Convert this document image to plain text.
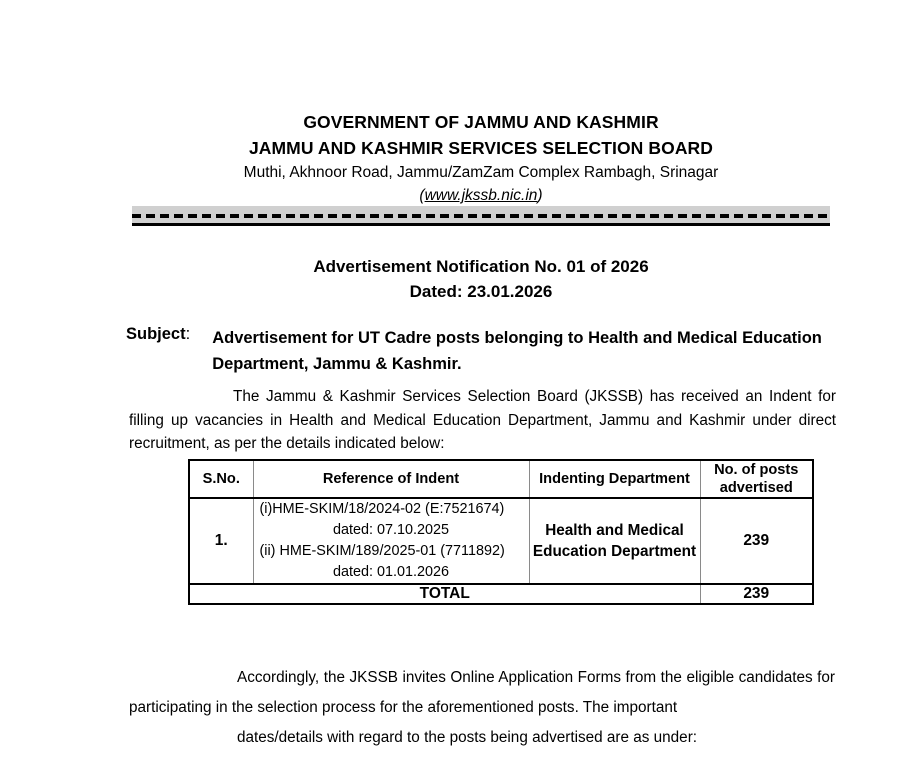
GOVERNMENT OF JAMMU AND KASHMIR
JAMMU AND KASHMIR SERVICES SELECTION BOARD
Muthi, Akhnoor Road, Jammu/ZamZam Complex Rambagh, Srinagar
(www.jkssb.nic.in)
Advertisement Notification No. 01 of 2026
Dated: 23.01.2026
Subject : Advertisement for UT Cadre posts belonging to Health and Medical Education Department, Jammu & Kashmir.
The Jammu & Kashmir Services Selection Board (JKSSB) has received an Indent for filling up vacancies in Health and Medical Education Department, Jammu and Kashmir under direct recruitment, as per the details indicated below:
S.No.	Reference of Indent	Indenting Department	No. of posts advertised
1.	(i)HME-SKIM/18/2024-02 (E:7521674)
dated: 07.10.2025
(ii) HME-SKIM/189/2025-01 (7711892)
dated: 01.01.2026	Health and Medical Education Department	239
TOTAL			239
Accordingly, the JKSSB invites Online Application Forms from the eligible candidates for participating in the selection process for the aforementioned posts. The important
dates/details with regard to the posts being advertised are as under:
